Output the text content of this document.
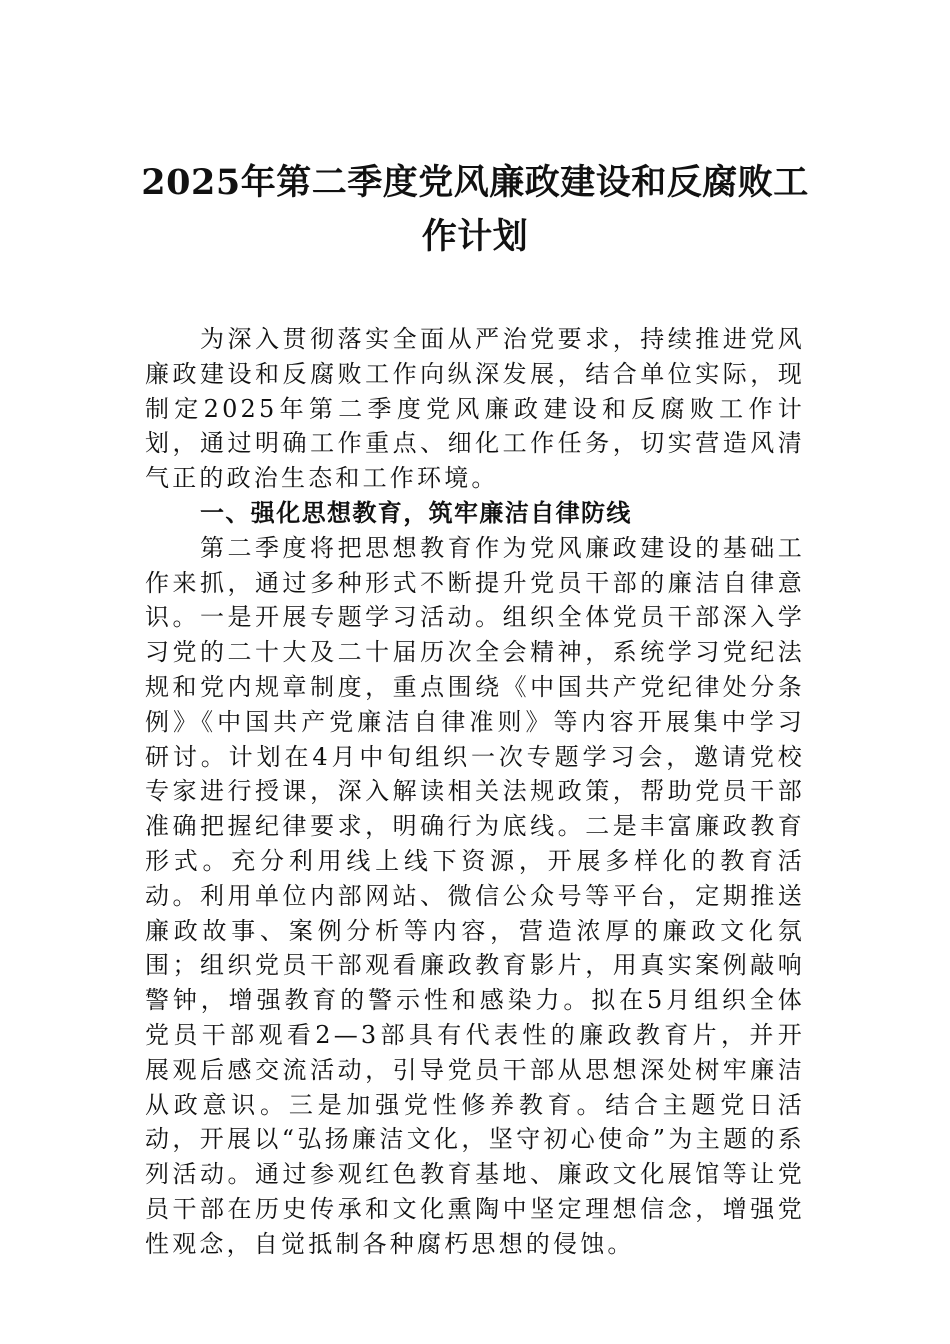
2025年第二季度党风廉政建设和反腐败工
作计划

为深入贯彻落实全面从严治党要求，持续推进党风廉政建设和反腐败工作向纵深发展，结合单位实际，现制定2025年第二季度党风廉政建设和反腐败工作计划，通过明确工作重点、细化工作任务，切实营造风清气正的政治生态和工作环境。

一、强化思想教育，筑牢廉洁自律防线

第二季度将把思想教育作为党风廉政建设的基础工作来抓，通过多种形式不断提升党员干部的廉洁自律意识。一是开展专题学习活动。组织全体党员干部深入学习党的二十大及二十届历次全会精神，系统学习党纪法规和党内规章制度，重点围绕《中国共产党纪律处分条例》《中国共产党廉洁自律准则》等内容开展集中学习研讨。计划在4月中旬组织一次专题学习会，邀请党校专家进行授课，深入解读相关法规政策，帮助党员干部准确把握纪律要求，明确行为底线。二是丰富廉政教育形式。充分利用线上线下资源，开展多样化的教育活动。利用单位内部网站、微信公众号等平台，定期推送廉政故事、案例分析等内容，营造浓厚的廉政文化氛围；组织党员干部观看廉政教育影片，用真实案例敲响警钟，增强教育的警示性和感染力。拟在5月组织全体党员干部观看2—3部具有代表性的廉政教育片，并开展观后感交流活动，引导党员干部从思想深处树牢廉洁从政意识。三是加强党性修养教育。结合主题党日活动，开展以“弘扬廉洁文化，坚守初心使命”为主题的系列活动。通过参观红色教育基地、廉政文化展馆等让党员干部在历史传承和文化熏陶中坚定理想信念，增强党性观念，自觉抵制各种腐朽思想的侵蚀。
